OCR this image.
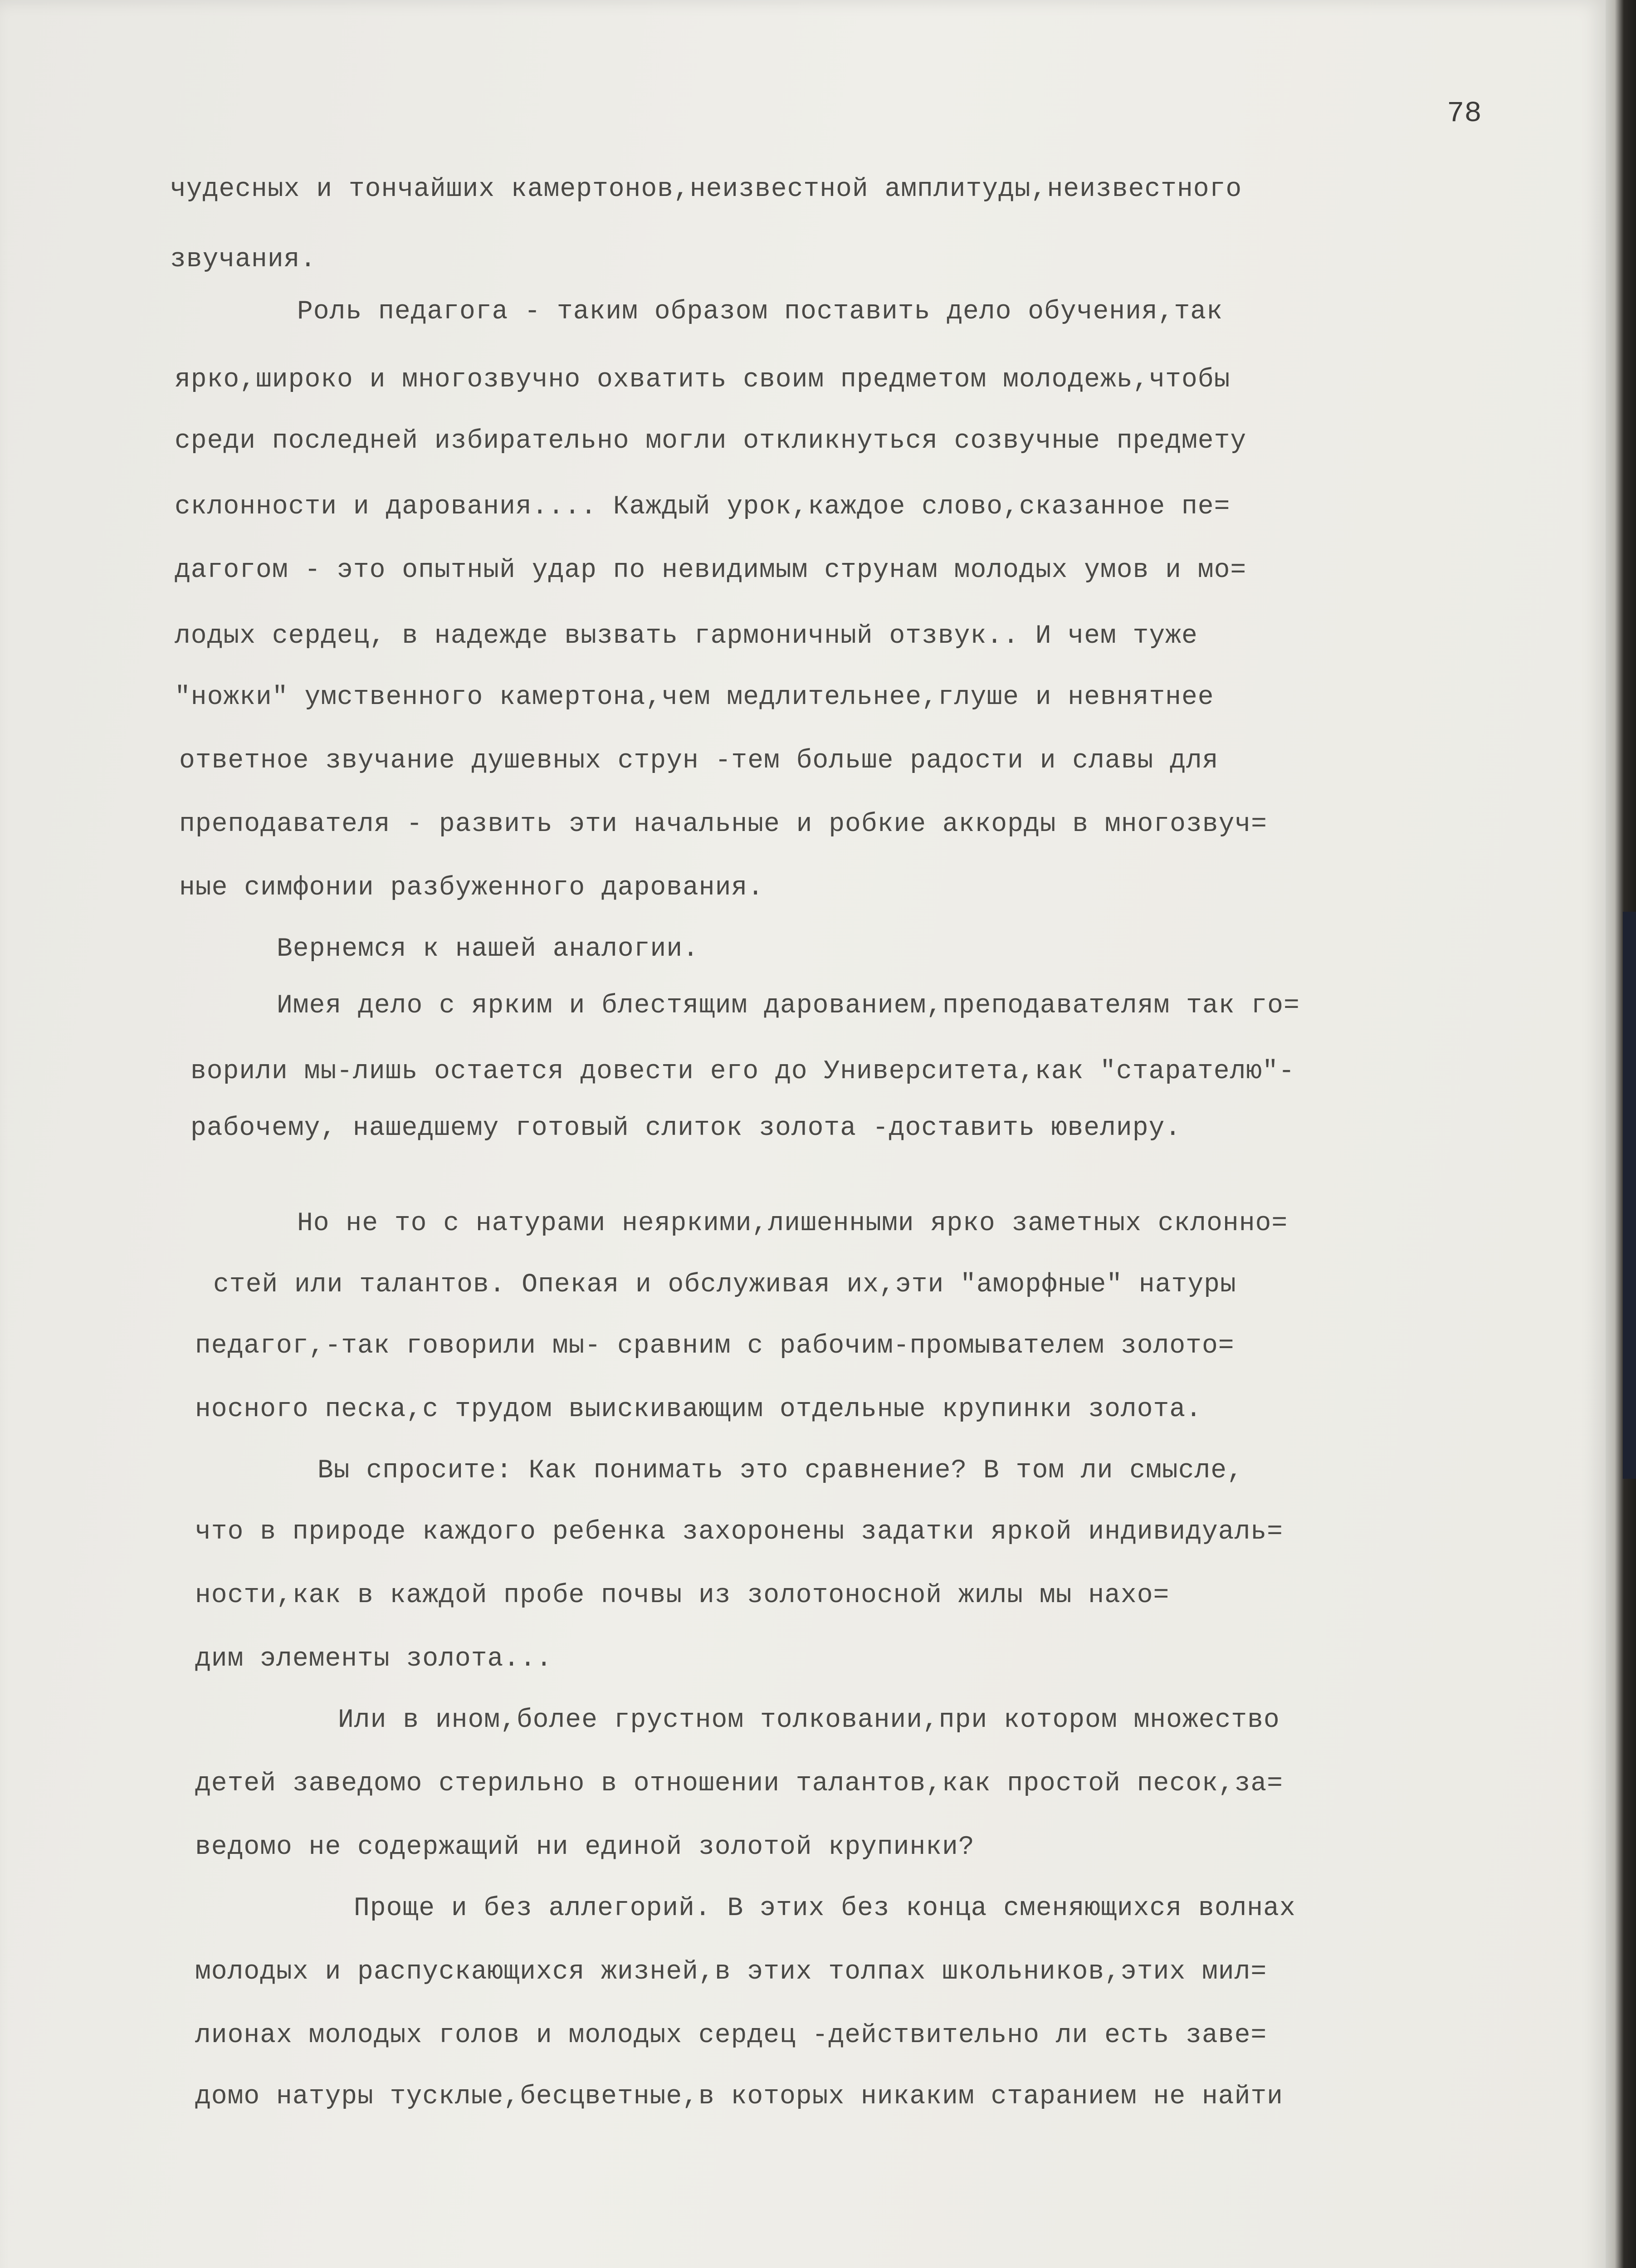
78
чудесных и тончайших камертонов,неизвестной амплитуды,неизвестного
звучания.
Роль педагога - таким образом поставить дело обучения,так
ярко,широко и многозвучно охватить своим предметом молодежь,чтобы
среди последней избирательно могли откликнуться созвучные предмету
склонности и дарования.... Каждый урок,каждое слово,сказанное пе=
дагогом - это опытный удар по невидимым струнам молодых умов и мо=
лодых сердец, в надежде вызвать гармоничный отзвук.. И чем туже
"ножки" умственного камертона,чем медлительнее,глуше и невнятнее
ответное звучание душевных струн -тем больше радости и славы для
преподавателя - развить эти начальные и робкие аккорды в многозвуч=
ные симфонии разбуженного дарования.
Вернемся к нашей аналогии.
Имея дело с ярким и блестящим дарованием,преподавателям так го=
ворили мы-лишь остается довести его до Университета,как "старателю"-
рабочему, нашедшему готовый слиток золота -доставить ювелиру.
Но не то с натурами неяркими,лишенными ярко заметных склонно=
стей или талантов. Опекая и обслуживая их,эти "аморфные" натуры
педагог,-так говорили мы- сравним с рабочим-промывателем золото=
носного песка,с трудом выискивающим отдельные крупинки золота.
Вы спросите: Как понимать это сравнение? В том ли смысле,
что в природе каждого ребенка захоронены задатки яркой индивидуаль=
ности,как в каждой пробе почвы из золотоносной жилы мы нахо=
дим элементы золота...
Или в ином,более грустном толковании,при котором множество
детей заведомо стерильно в отношении талантов,как простой песок,за=
ведомо не содержащий ни единой золотой крупинки?
Проще и без аллегорий. В этих без конца сменяющихся волнах
молодых и распускающихся жизней,в этих толпах школьников,этих мил=
лионах молодых голов и молодых сердец -действительно ли есть заве=
домо натуры тусклые,бесцветные,в которых никаким старанием не найти
